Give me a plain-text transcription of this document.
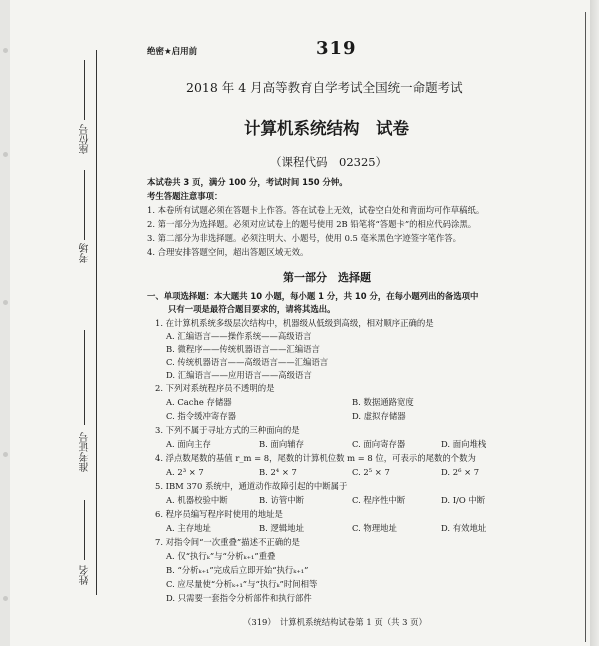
座位号
考场
准考证号
姓名
绝密★启用前	319
2018 年 4 月高等教育自学考试全国统一命题考试
计算机系统结构　试卷
（课程代码　02325）
本试卷共 3 页，满分 100 分，考试时间 150 分钟。
考生答题注意事项：
1. 本卷所有试题必须在答题卡上作答。答在试卷上无效，试卷空白处和背面均可作草稿纸。
2. 第一部分为选择题。必须对应试卷上的题号使用 2B 铅笔将“答题卡”的相应代码涂黑。
3. 第二部分为非选择题。必须注明大、小题号，使用 0.5 毫米黑色字迹签字笔作答。
4. 合理安排答题空间，超出答题区域无效。
第一部分　选择题
一、单项选择题：本大题共 10 小题，每小题 1 分，共 10 分，在每小题列出的备选项中
只有一项是最符合题目要求的，请将其选出。
1. 在计算机系统多级层次结构中，机器级从低级到高级，相对顺序正确的是
A. 汇编语言——操作系统——高级语言
B. 微程序——传统机器语言——汇编语言
C. 传统机器语言——高级语言——汇编语言
D. 汇编语言——应用语言——高级语言
2. 下列对系统程序员不透明的是
A. Cache 存储器	B. 数据通路宽度
C. 指令缓冲寄存器	D. 虚拟存储器
3. 下列不属于寻址方式的三种面向的是
A. 面向主存	B. 面向辅存	C. 面向寄存器	D. 面向堆栈
4. 浮点数尾数的基值 r_m = 8，尾数的计算机位数 m = 8 位，可表示的尾数的个数为
A. 2³ × 7	B. 2⁴ × 7	C. 2⁵ × 7	D. 2⁶ × 7
5. IBM 370 系统中，通道动作故障引起的中断属于
A. 机器校验中断	B. 访管中断	C. 程序性中断	D. I/O 中断
6. 程序员编写程序时使用的地址是
A. 主存地址	B. 逻辑地址	C. 物理地址	D. 有效地址
7. 对指令间“一次重叠”描述不正确的是
A. 仅“执行ₖ”与“分析ₖ₊₁”重叠
B. “分析ₖ₊₁”完成后立即开始“执行ₖ₊₁”
C. 应尽量使“分析ₖ₊₁”与“执行ₖ”时间相等
D. 只需要一套指令分析部件和执行部件
（319）　计算机系统结构试卷第 1 页（共 3 页）
